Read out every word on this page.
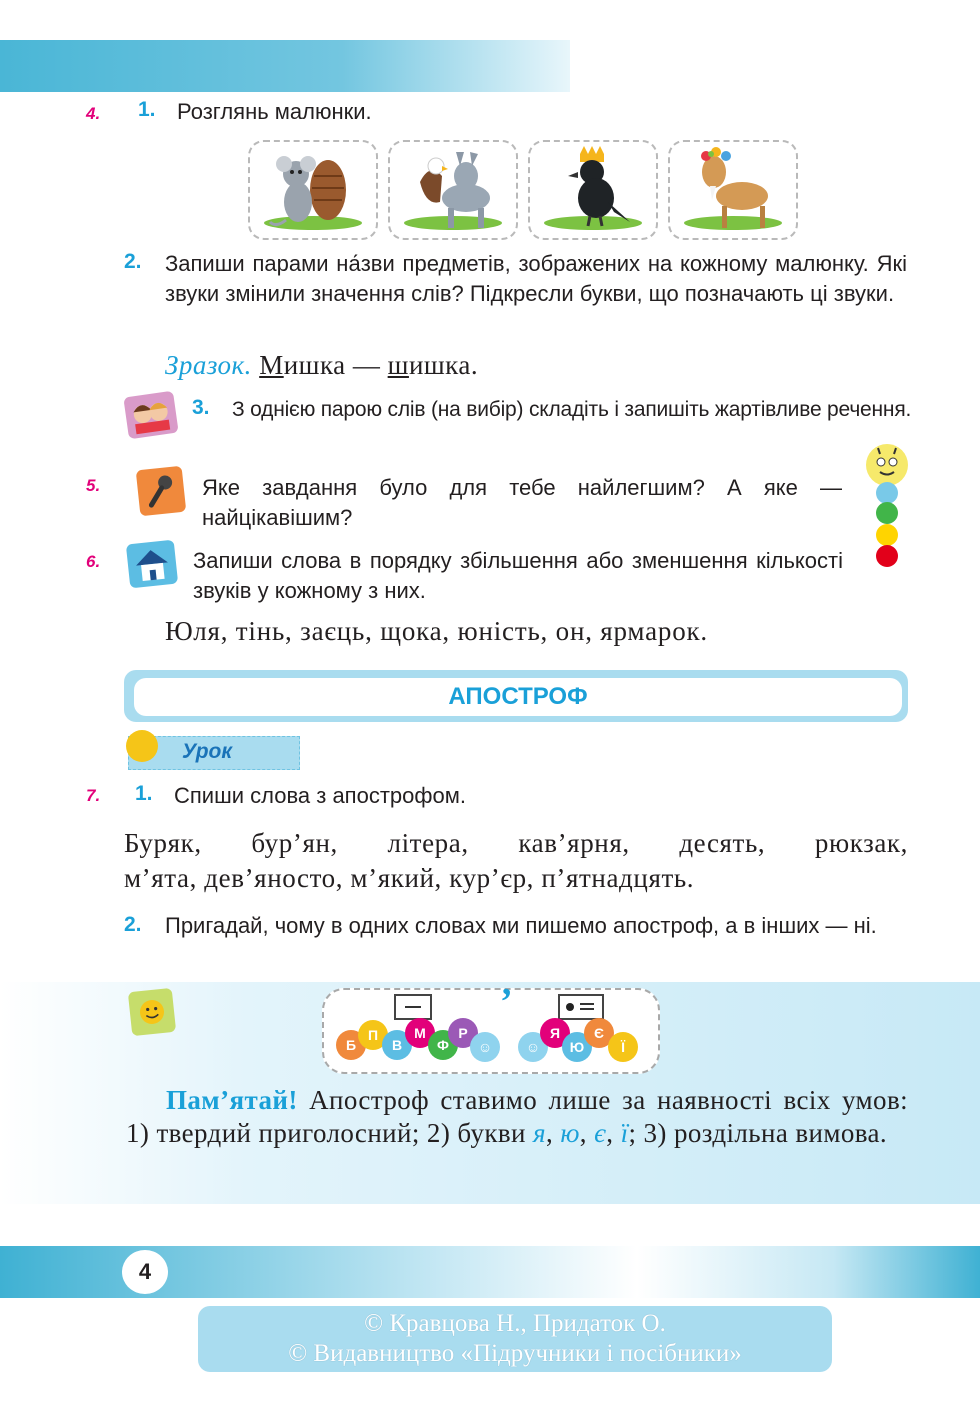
4. 1. Розглянь малюнки.
2. Запиши парами на́зви предметів, зображених на кожному малюнку. Які звуки змінили значення слів? Підкресли букви, що позначають ці звуки.
Зразок. Мишка — шишка.
3. З однією парою слів (на вибір) складіть і запишіть жартівливе речення.
5.	Яке завдання було для тебе найлегшим? А яке — найцікавішим?
6.	Запиши слова в порядку збільшення або зменшення кількості звуків у кожному з них.
Юля, тінь, заєць, щока, юність, он, ярмарок.
АПОСТРОФ
Урок
7. 1. Спиши слова з апострофом.
Буряк, бур’ян, літера, кав’ярня, десять, рюкзак,
м’ята, дев’яносто, м’який, кур’єр, п’ятнадцять.
2. Пригадай, чому в одних словах ми пишемо апостроф, а в інших — ні.
’
Б
П
В
М
Ф
Р
☺	☺
Я
Ю
Є
Ї
Пам’ятай! Апостроф ставимо лише за наявності всіх умов: 1) твердий приголосний; 2) букви я, ю, є, ї; 3) роздільна вимова.
4
© Кравцова Н., Придаток О.
© Видавництво «Підручники і посібники»
